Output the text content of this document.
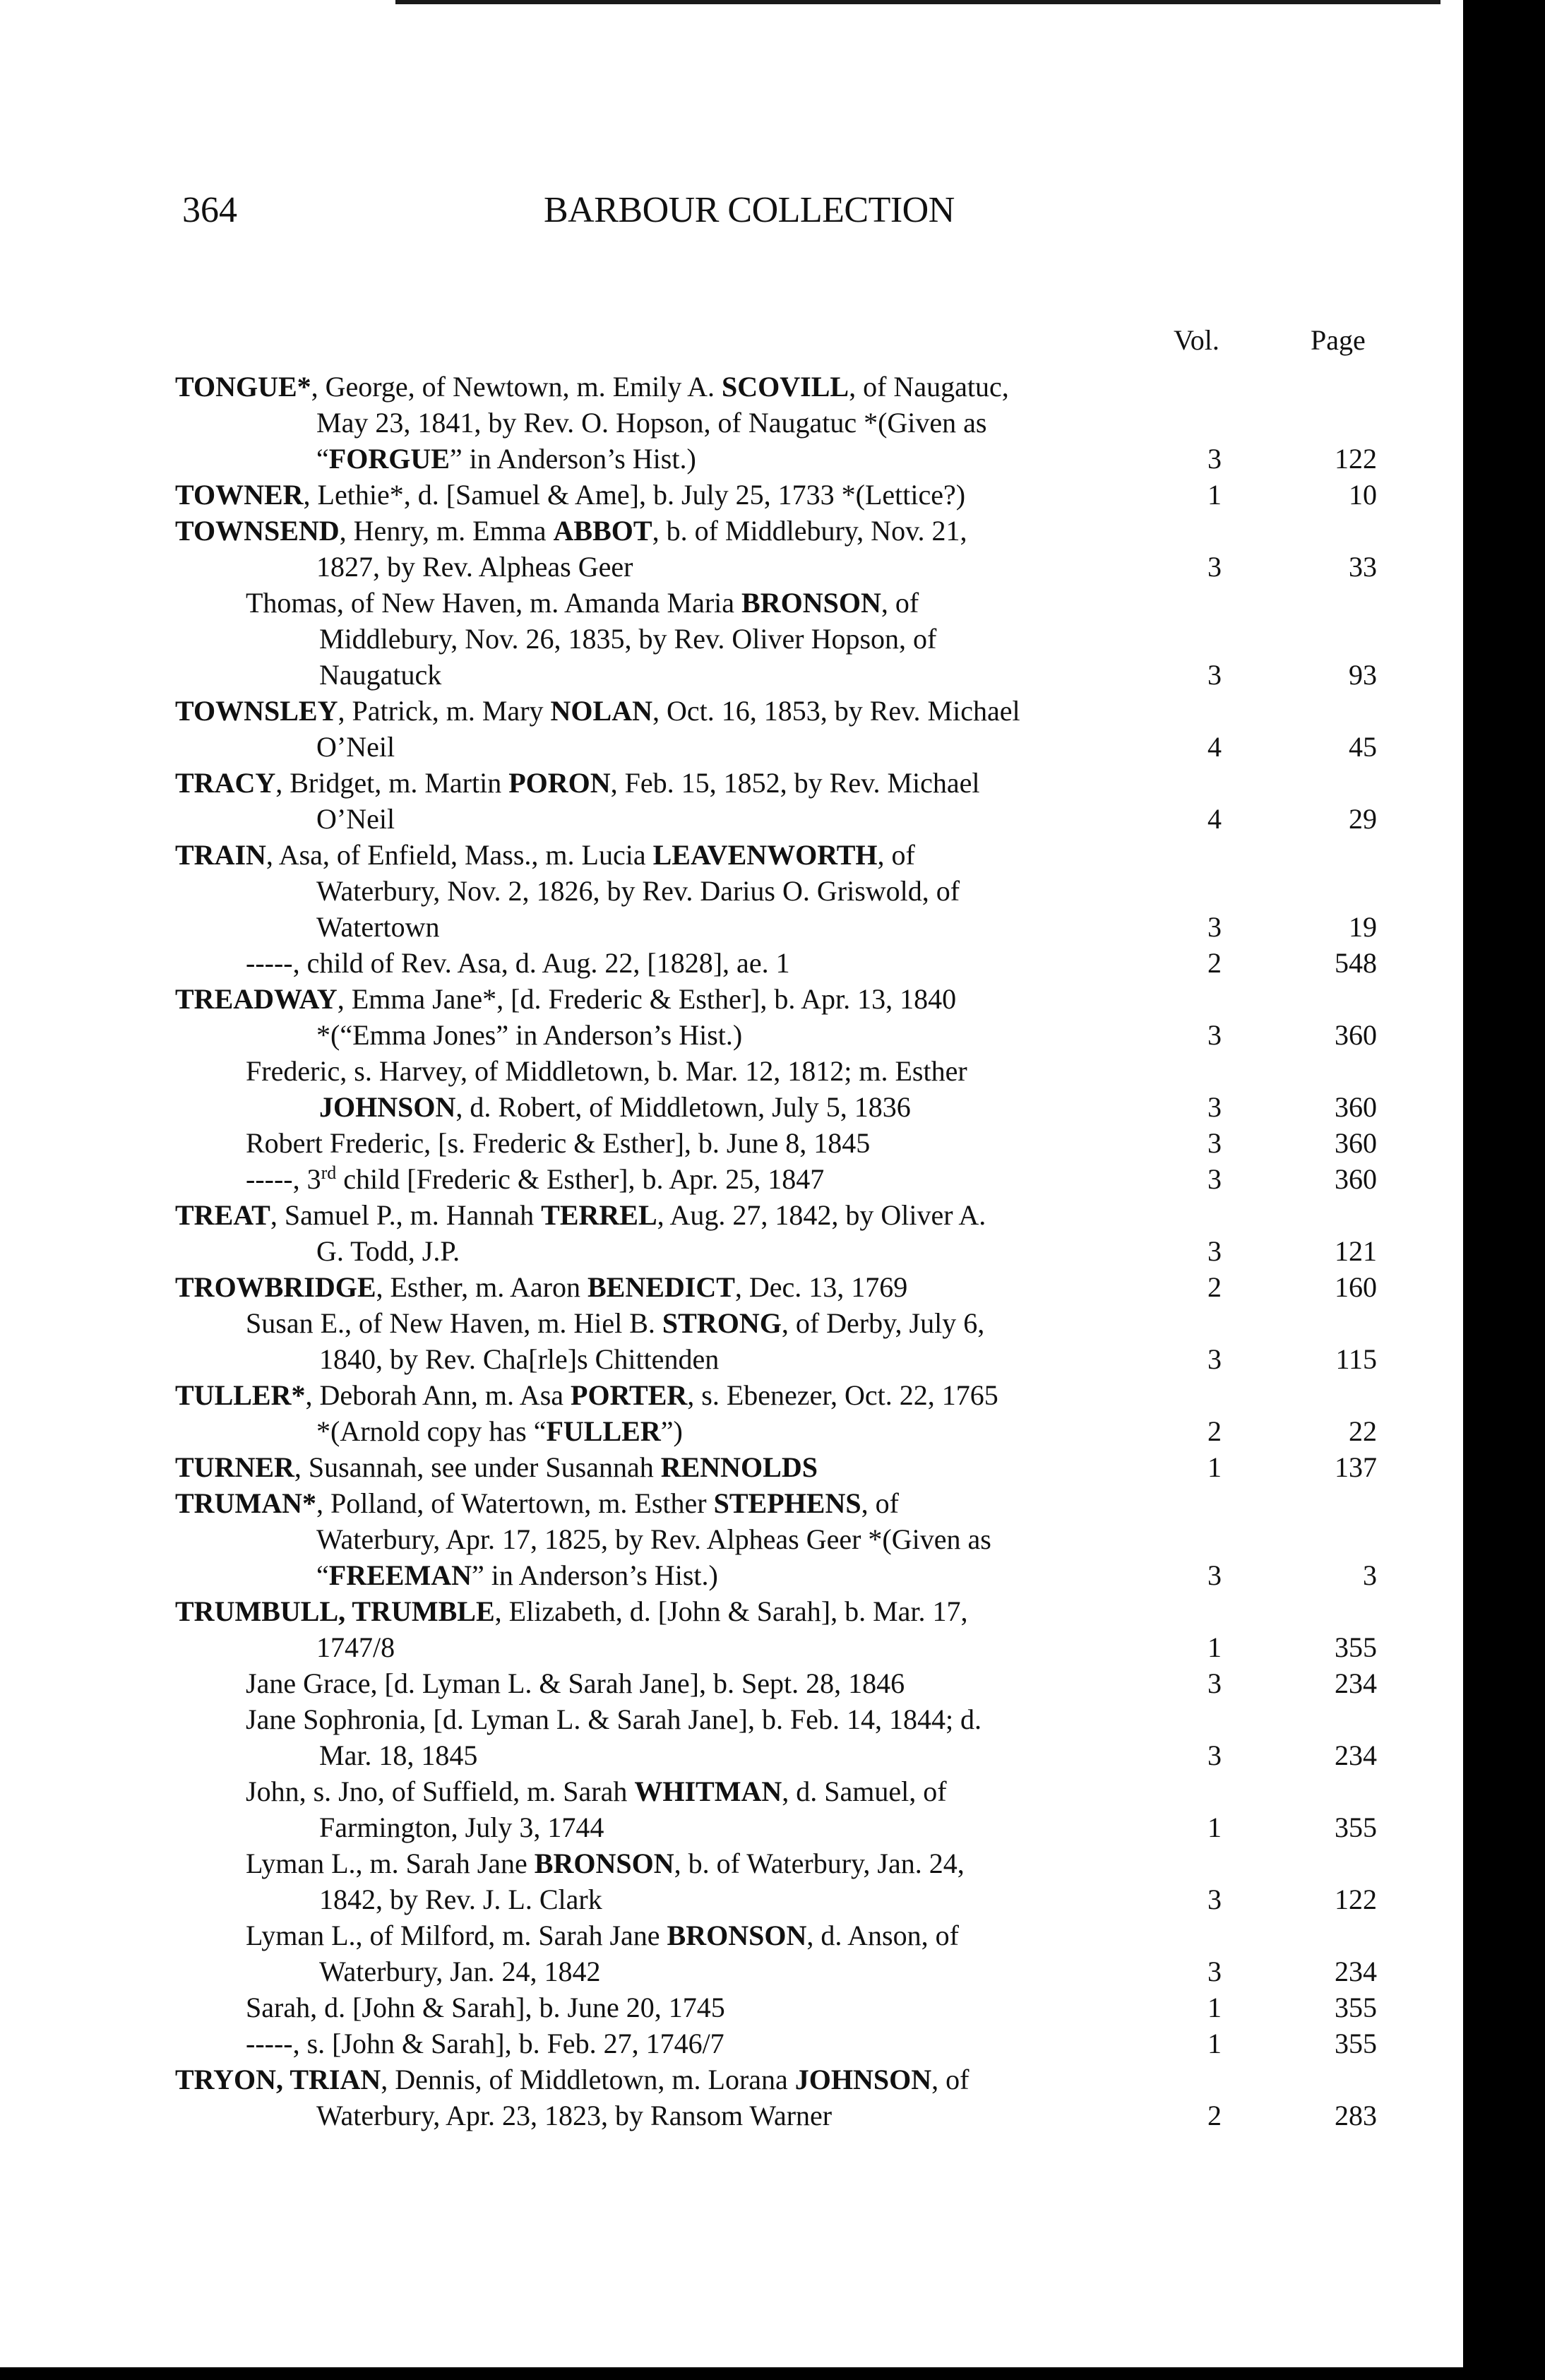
364	BARBOUR COLLECTION
Vol.	Page
TONGUE*, George, of Newtown, m. Emily A. SCOVILL, of Naugatuc,
May 23, 1841, by Rev. O. Hopson, of Naugatuc *(Given as
“FORGUE” in Anderson’s Hist.)	3	122
TOWNER, Lethie*, d. [Samuel & Ame], b. July 25, 1733 *(Lettice?)	1	10
TOWNSEND, Henry, m. Emma ABBOT, b. of Middlebury, Nov. 21,
1827, by Rev. Alpheas Geer	3	33
Thomas, of New Haven, m. Amanda Maria BRONSON, of
Middlebury, Nov. 26, 1835, by Rev. Oliver Hopson, of
Naugatuck	3	93
TOWNSLEY, Patrick, m. Mary NOLAN, Oct. 16, 1853, by Rev. Michael
O’Neil	4	45
TRACY, Bridget, m. Martin PORON, Feb. 15, 1852, by Rev. Michael
O’Neil	4	29
TRAIN, Asa, of Enfield, Mass., m. Lucia LEAVENWORTH, of
Waterbury, Nov. 2, 1826, by Rev. Darius O. Griswold, of
Watertown	3	19
-----, child of Rev. Asa, d. Aug. 22, [1828], ae. 1	2	548
TREADWAY, Emma Jane*, [d. Frederic & Esther], b. Apr. 13, 1840
*(“Emma Jones” in Anderson’s Hist.)	3	360
Frederic, s. Harvey, of Middletown, b. Mar. 12, 1812; m. Esther
JOHNSON, d. Robert, of Middletown, July 5, 1836	3	360
Robert Frederic, [s. Frederic & Esther], b. June 8, 1845	3	360
-----, 3rd child [Frederic & Esther], b. Apr. 25, 1847	3	360
TREAT, Samuel P., m. Hannah TERREL, Aug. 27, 1842, by Oliver A.
G. Todd, J.P.	3	121
TROWBRIDGE, Esther, m. Aaron BENEDICT, Dec. 13, 1769	2	160
Susan E., of New Haven, m. Hiel B. STRONG, of Derby, July 6,
1840, by Rev. Cha[rle]s Chittenden	3	115
TULLER*, Deborah Ann, m. Asa PORTER, s. Ebenezer, Oct. 22, 1765
*(Arnold copy has “FULLER”)	2	22
TURNER, Susannah, see under Susannah RENNOLDS	1	137
TRUMAN*, Polland, of Watertown, m. Esther STEPHENS, of
Waterbury, Apr. 17, 1825, by Rev. Alpheas Geer *(Given as
“FREEMAN” in Anderson’s Hist.)	3	3
TRUMBULL, TRUMBLE, Elizabeth, d. [John & Sarah], b. Mar. 17,
1747/8	1	355
Jane Grace, [d. Lyman L. & Sarah Jane], b. Sept. 28, 1846	3	234
Jane Sophronia, [d. Lyman L. & Sarah Jane], b. Feb. 14, 1844; d.
Mar. 18, 1845	3	234
John, s. Jno, of Suffield, m. Sarah WHITMAN, d. Samuel, of
Farmington, July 3, 1744	1	355
Lyman L., m. Sarah Jane BRONSON, b. of Waterbury, Jan. 24,
1842, by Rev. J. L. Clark	3	122
Lyman L., of Milford, m. Sarah Jane BRONSON, d. Anson, of
Waterbury, Jan. 24, 1842	3	234
Sarah, d. [John & Sarah], b. June 20, 1745	1	355
-----, s. [John & Sarah], b. Feb. 27, 1746/7	1	355
TRYON, TRIAN, Dennis, of Middletown, m. Lorana JOHNSON, of
Waterbury, Apr. 23, 1823, by Ransom Warner	2	283
